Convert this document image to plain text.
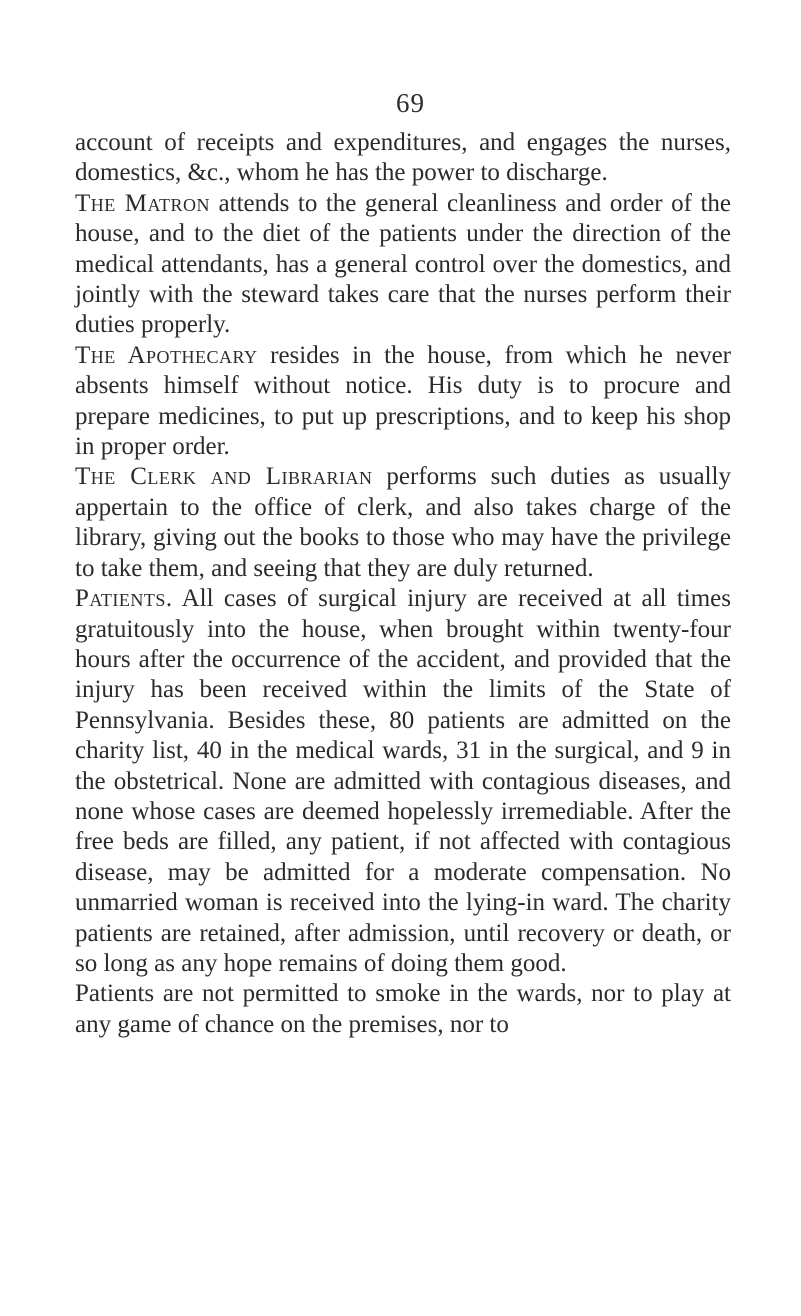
69

account of receipts and expenditures, and engages the nurses, domestics, &c., whom he has the power to discharge.

The Matron attends to the general cleanliness and order of the house, and to the diet of the patients under the direction of the medical attendants, has a general control over the domestics, and jointly with the steward takes care that the nurses perform their duties properly.

The Apothecary resides in the house, from which he never absents himself without notice. His duty is to procure and prepare medicines, to put up prescriptions, and to keep his shop in proper order.

The Clerk and Librarian performs such duties as usually appertain to the office of clerk, and also takes charge of the library, giving out the books to those who may have the privilege to take them, and seeing that they are duly returned.

Patients. All cases of surgical injury are received at all times gratuitously into the house, when brought within twenty-four hours after the occurrence of the accident, and provided that the injury has been received within the limits of the State of Pennsylvania. Besides these, 80 patients are admitted on the charity list, 40 in the medical wards, 31 in the surgical, and 9 in the obstetrical. None are admitted with contagious diseases, and none whose cases are deemed hopelessly irremediable. After the free beds are filled, any patient, if not affected with contagious disease, may be admitted for a moderate compensation. No unmarried woman is received into the lying-in ward. The charity patients are retained, after admission, until recovery or death, or so long as any hope remains of doing them good.

Patients are not permitted to smoke in the wards, nor to play at any game of chance on the premises, nor to
